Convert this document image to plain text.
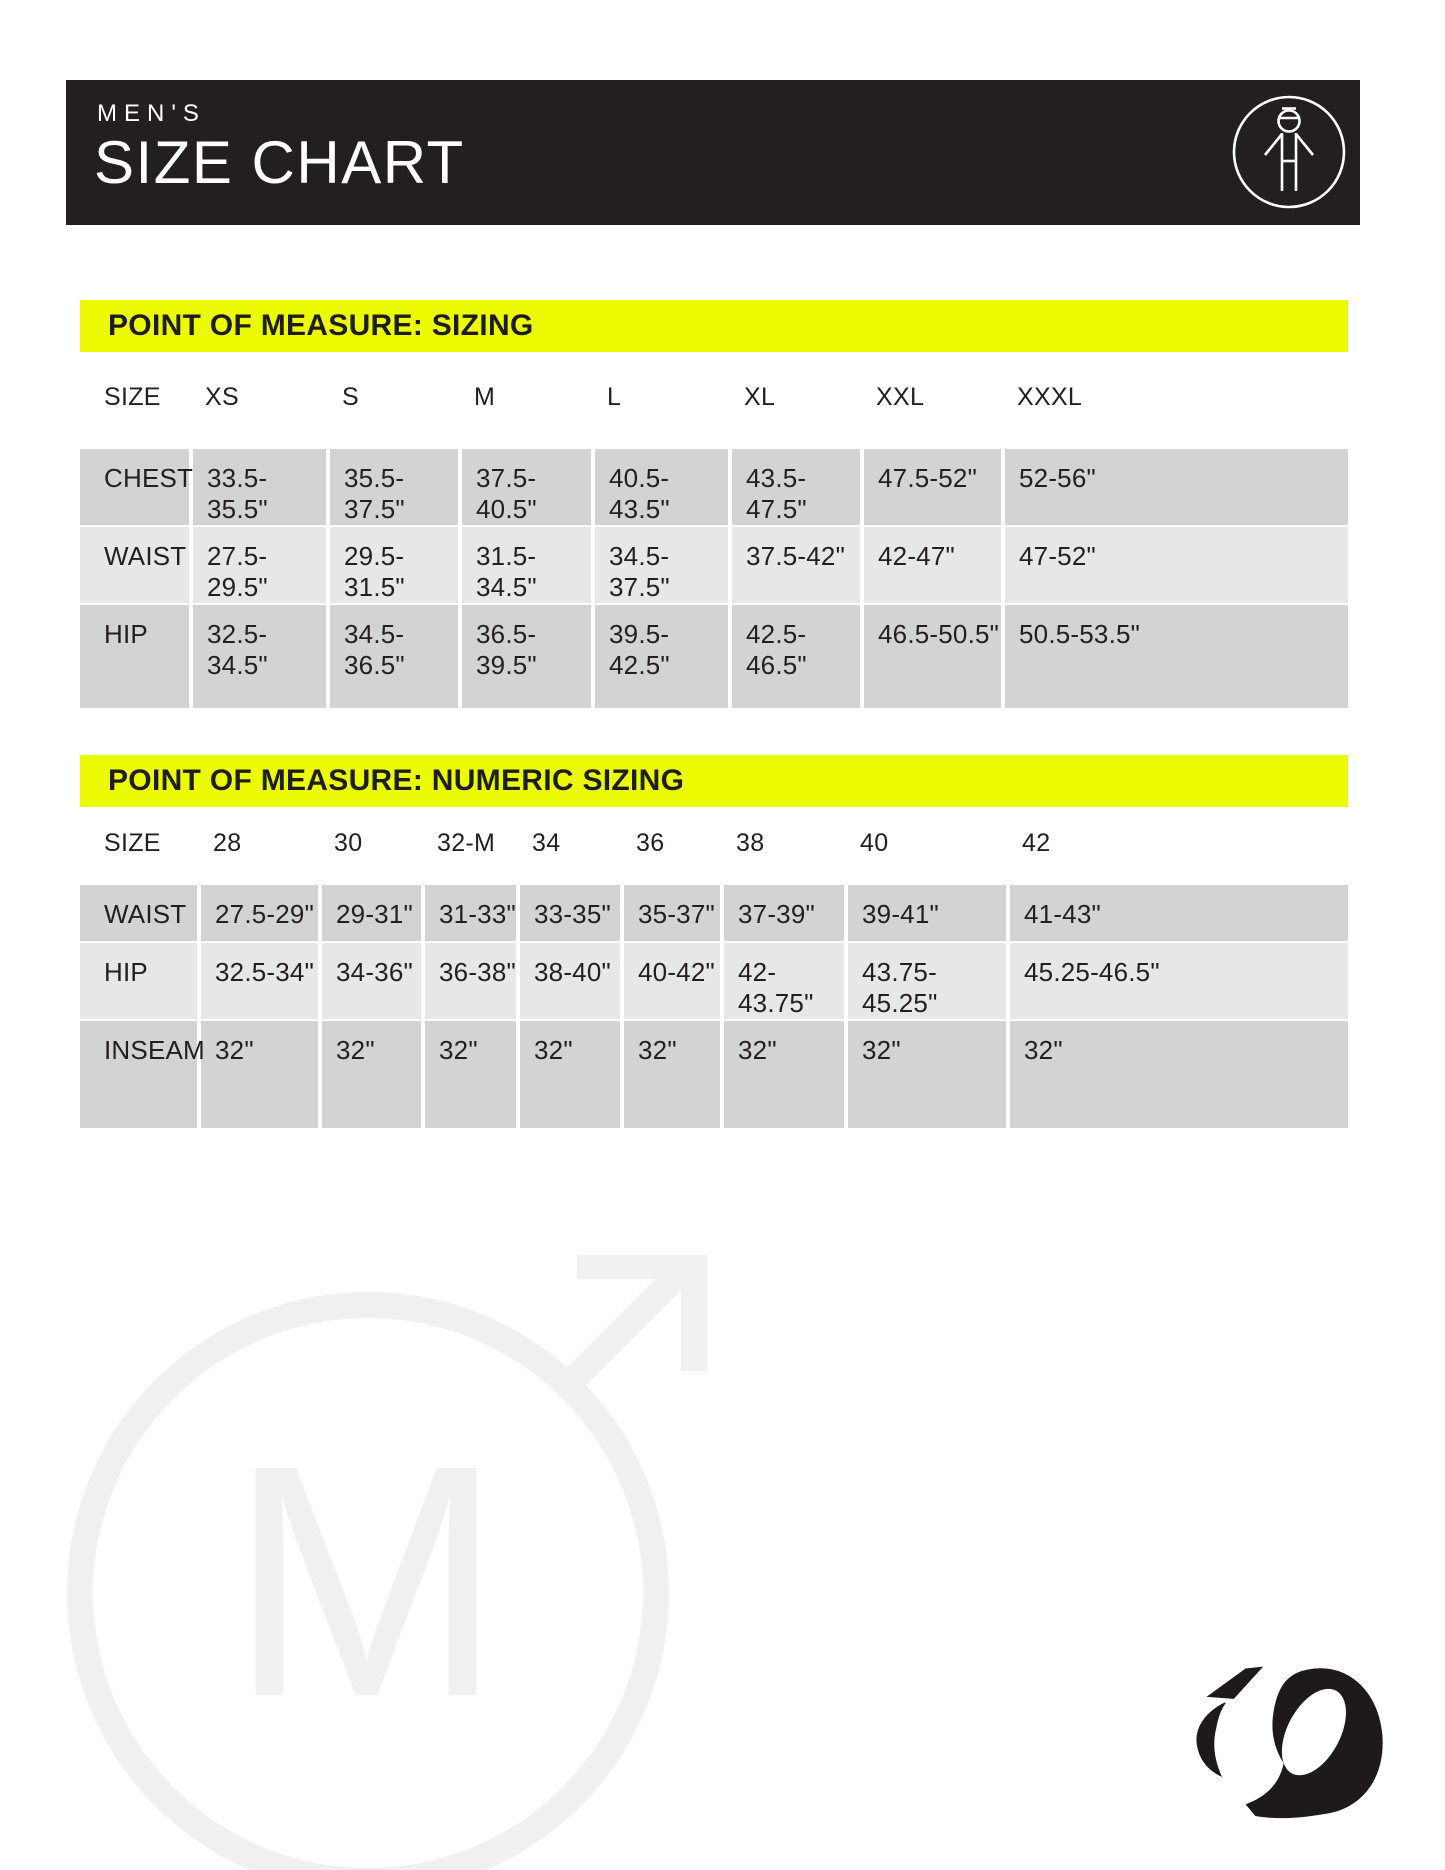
MEN'S
SIZE CHART
POINT OF MEASURE: SIZING
SIZE	XS	S	M	L	XL	XXL	XXXL
CHEST	33.5-35.5"	35.5-37.5"	37.5-40.5"	40.5-43.5"	43.5-47.5"	47.5-52"	52-56"
WAIST	27.5-29.5"	29.5-31.5"	31.5-34.5"	34.5-37.5"	37.5-42"	42-47"	47-52"
HIP	32.5-34.5"	34.5-36.5"	36.5-39.5"	39.5-42.5"	42.5-46.5"	46.5-50.5"	50.5-53.5"
POINT OF MEASURE: NUMERIC SIZING
SIZE	28	30	32-M	34	36	38	40	42
WAIST	27.5-29"	29-31"	31-33"	33-35"	35-37"	37-39"	39-41"	41-43"
HIP	32.5-34"	34-36"	36-38"	38-40"	40-42"	42-43.75"	43.75-45.25"	45.25-46.5"
INSEAM	32"	32"	32"	32"	32"	32"	32"	32"
M
